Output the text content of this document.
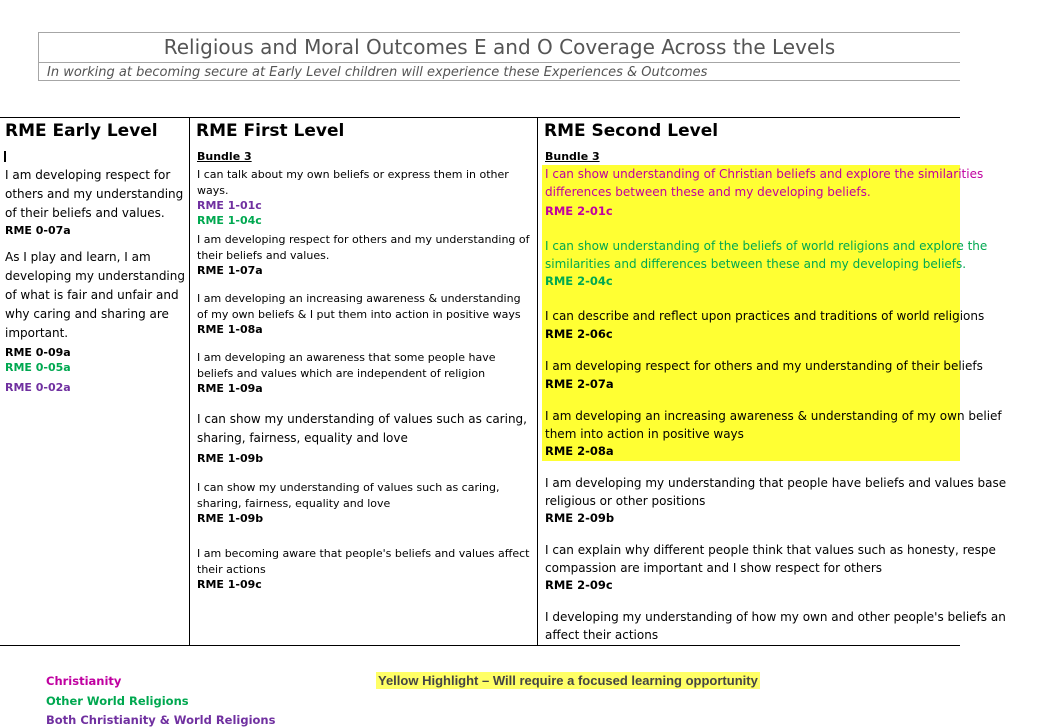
Religious and Moral Outcomes E and O Coverage Across the Levels
In working at becoming secure at Early Level children will experience these Experiences & Outcomes
RME Early Level
I am developing respect for others and my understanding of their beliefs and values.
RME 0-07a
As I play and learn, I am developing my understanding of what is fair and unfair and why caring and sharing are important.
RME 0-09a
RME 0-05a
RME 0-02a
RME First Level
Bundle 3
I can talk about my own beliefs or express them in other ways.
RME 1-01c
RME 1-04c
I am developing respect for others and my understanding of their beliefs and values.
RME 1-07a
I am developing an increasing awareness & understanding of my own beliefs & I put them into action in positive ways
RME 1-08a
I am developing an awareness that some people have beliefs and values which are independent of religion
RME 1-09a
I can show my understanding of values such as caring, sharing, fairness, equality and love
RME 1-09b
I can show my understanding of values such as caring, sharing, fairness, equality and love
RME 1-09b
I am becoming aware that people's beliefs and values affect their actions
RME 1-09c
RME Second Level
Bundle 3
I can show understanding of Christian beliefs and explore the similarities
differences between these and my developing beliefs.
RME 2-01c
I can show understanding of the beliefs of world religions and explore the
similarities and differences between these and my developing beliefs.
RME 2-04c
I can describe and reflect upon practices and traditions of world religions
RME 2-06c
I am developing respect for others and my understanding of their beliefs
RME 2-07a
I am developing an increasing awareness & understanding of my own belief
them into action in positive ways
RME 2-08a
I am developing my understanding that people have beliefs and values base
religious or other positions
RME 2-09b
I can explain why different people think that values such as honesty, respe
compassion are important and I show respect for others
RME 2-09c
I developing my understanding of how my own and other people's beliefs an
affect their actions
Christianity
Other World Religions
Both Christianity & World Religions
Yellow Highlight – Will require a focused learning opportunity
